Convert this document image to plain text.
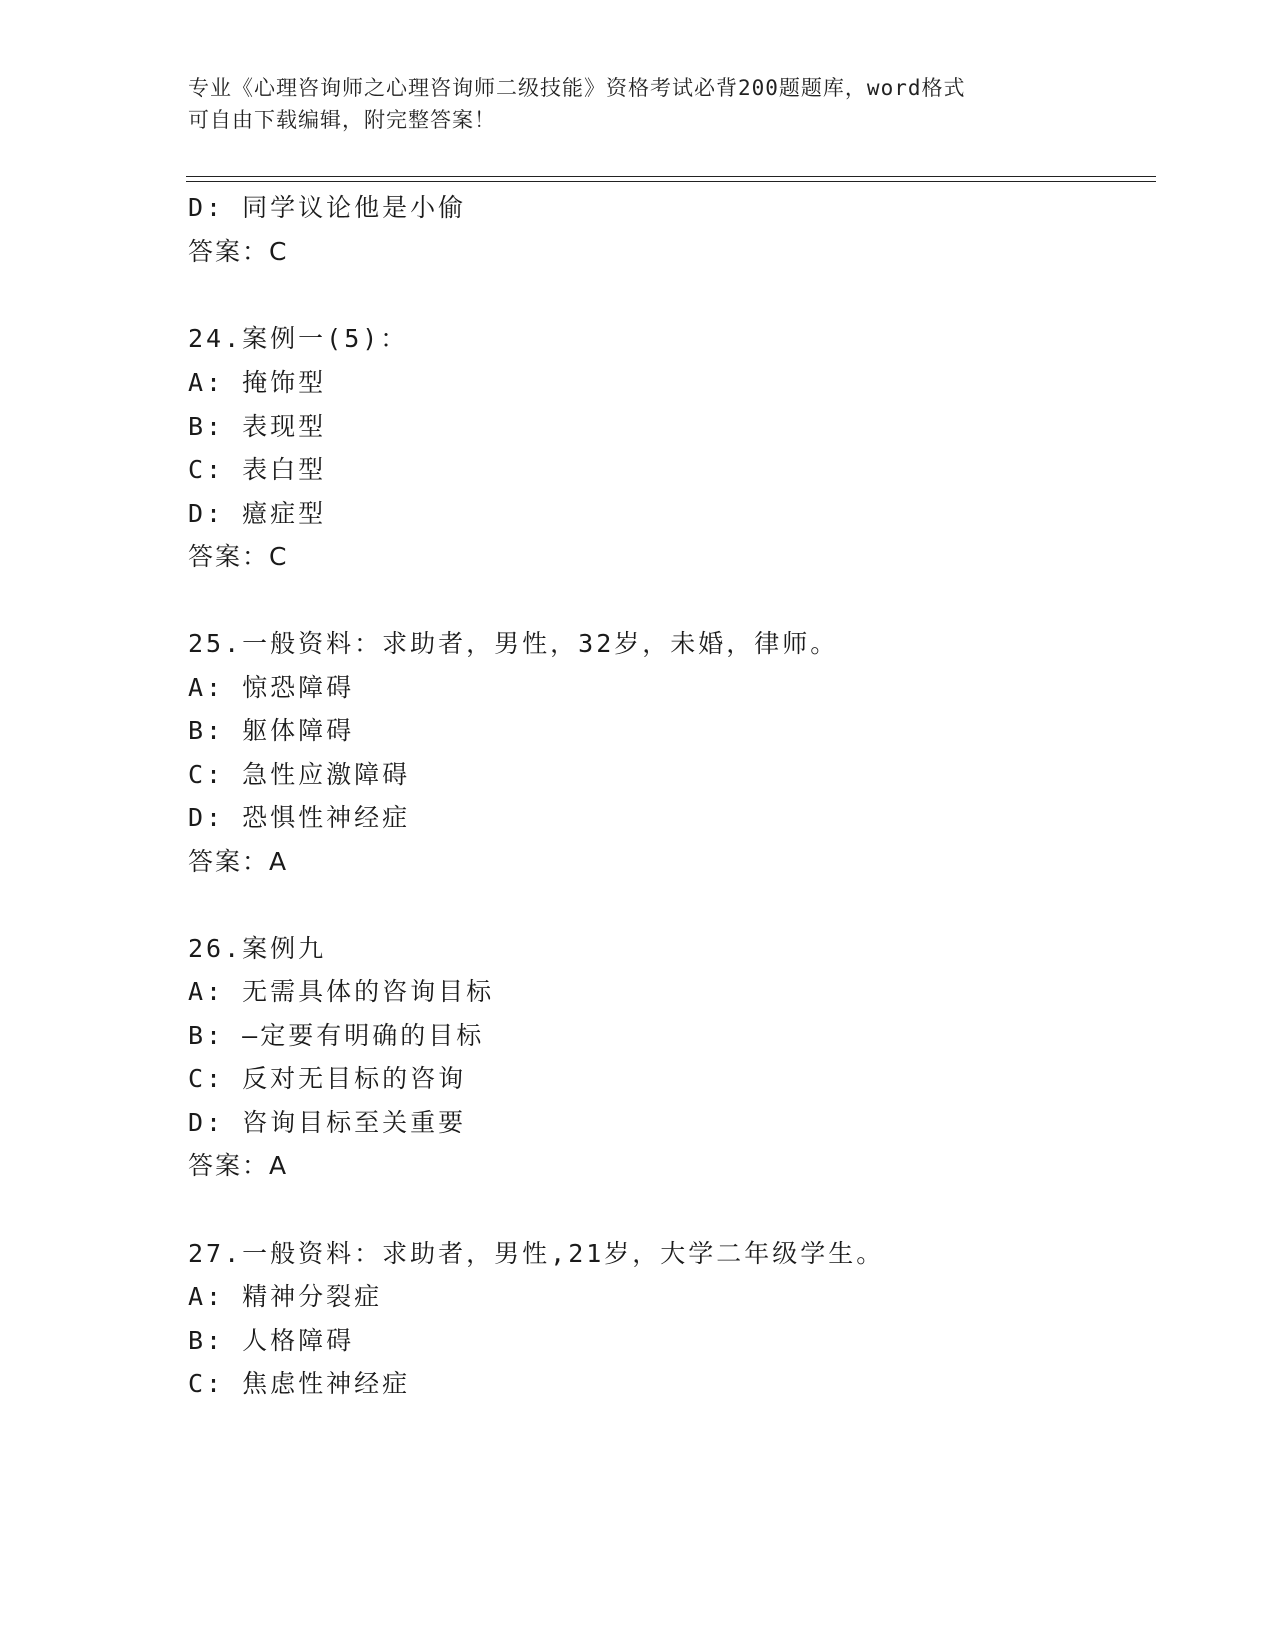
专业《心理咨询师之心理咨询师二级技能》资格考试必背200题题库，word格式
可自由下载编辑，附完整答案！
D: 同学议论他是小偷
答案：C
24.案例一(5)：
A: 掩饰型
B: 表现型
C: 表白型
D: 癔症型
答案：C
25.一般资料：求助者，男性，32岁，未婚，律师。
A: 惊恐障碍
B: 躯体障碍
C: 急性应激障碍
D: 恐惧性神经症
答案：A
26.案例九
A: 无需具体的咨询目标
B: —定要有明确的目标
C: 反对无目标的咨询
D: 咨询目标至关重要
答案：A
27.一般资料：求助者，男性,21岁，大学二年级学生。
A: 精神分裂症
B: 人格障碍
C: 焦虑性神经症
